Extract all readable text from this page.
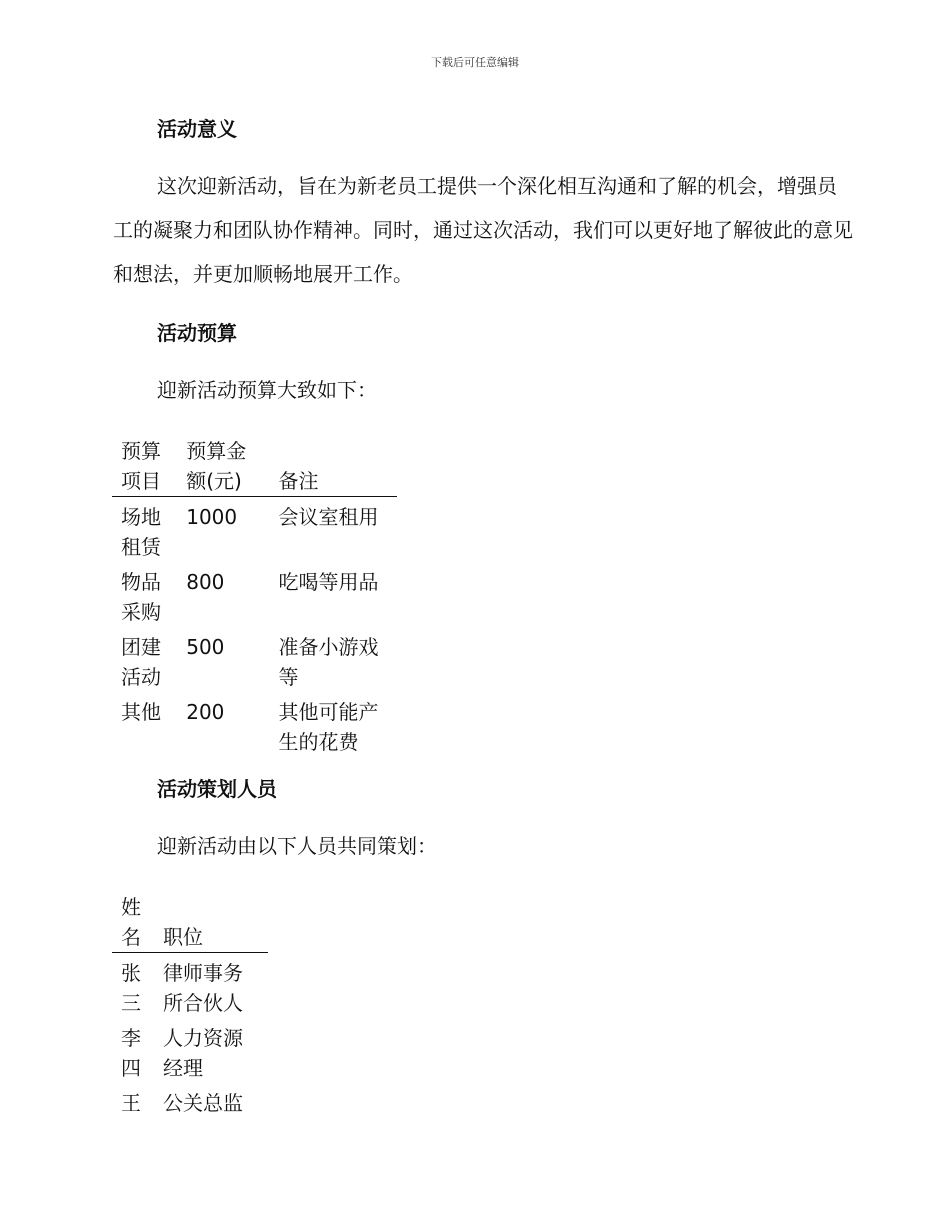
下载后可任意编辑
活动意义

这次迎新活动，旨在为新老员工提供一个深化相互沟通和了解的机会，增强员工的凝聚力和团队协作精神。同时，通过这次活动，我们可以更好地了解彼此的意见和想法，并更加顺畅地展开工作。

活动预算

迎新活动预算大致如下：

预算项目	预算金额(元)	备注
场地租赁	1000	会议室租用
物品采购	800	吃喝等用品
团建活动	500	准备小游戏等
其他	200	其他可能产生的花费
活动策划人员

迎新活动由以下人员共同策划：

姓名	职位
张三	律师事务所合伙人
李四	人力资源经理
王	公关总监
